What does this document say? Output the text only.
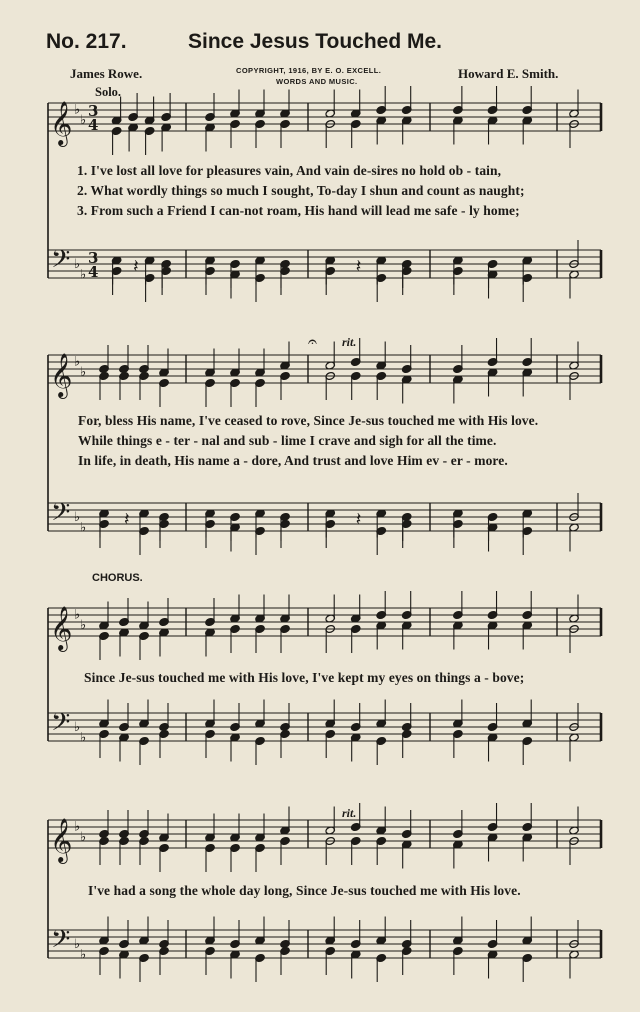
No. 217.	Since Jesus Touched Me.
James Rowe.	COPYRIGHT, 1916, BY E. O. EXCELL.
WORDS AND MUSIC.
Howard E. Smith.
Solo.
CHORUS.
1. I've lost all love for pleasures vain, And vain de-sires no hold ob - tain,
2. What wordly things so much I sought, To-day I shun and count as naught;
3. From such a Friend I can-not roam, His hand will lead me safe - ly home;
For, bless His name, I've ceased to rove, Since Je-sus touched me with His love.
While things e - ter - nal and sub - lime I crave and sigh for all the time.
In life, in death, His name a - dore, And trust and love Him ev - er - more.
Since Je-sus touched me with His love, I've kept my eyes on things a - bove;
I've had a song the whole day long, Since Je-sus touched me with His love.
rit.
rit.
𝄞 ♭
♭
𝄢 ♭
♭
3
4
3
4 𝄽	𝄽
𝄞 ♭
♭
𝄢 ♭
♭ 𝄽	𝄽
𝄐
𝄞 ♭
♭
𝄢 ♭
♭
𝄞 ♭
♭
𝄢 ♭
♭
